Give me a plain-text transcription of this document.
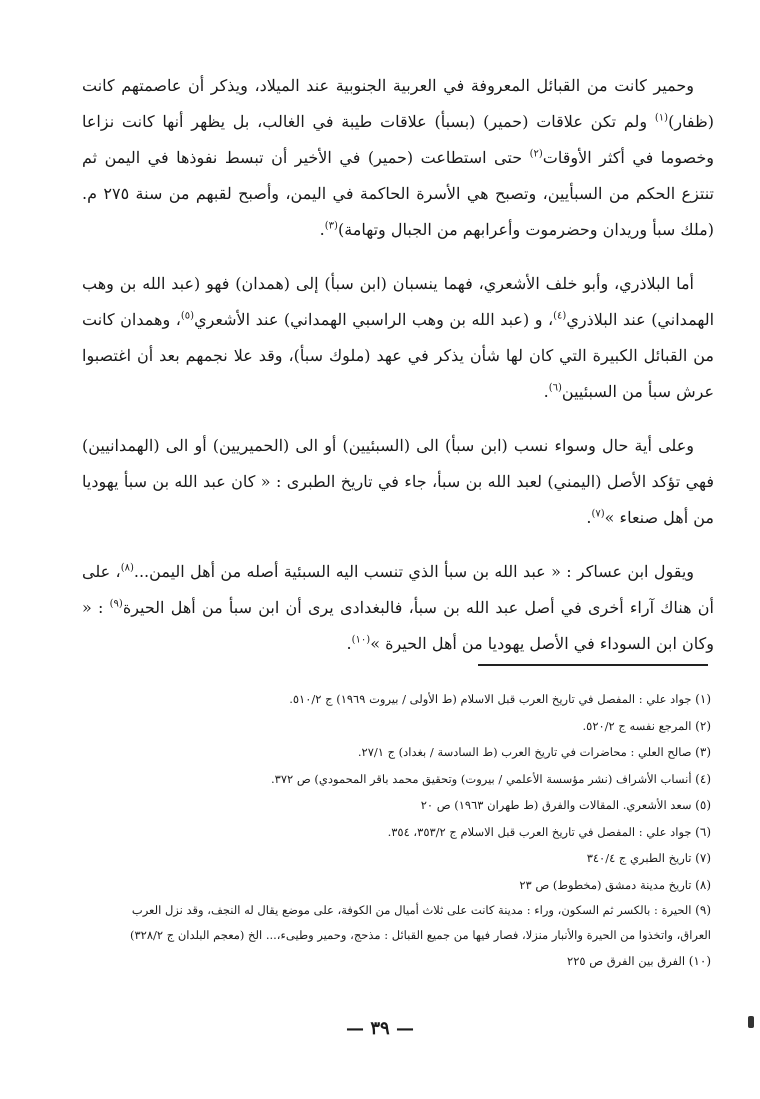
وحمير كانت من القبائل المعروفة في العربية الجنوبية عند الميلاد، ويذكر أن عاصمتهم كانت (ظفار)$^{(١)}$ ولم تكن علاقات (حمير) (بسبأ) علاقات طيبة في الغالب، بل يظهر أنها كانت نزاعا وخصوما في أكثر الأوقات$^{(٢)}$ حتى استطاعت (حمير) في الأخير أن تبسط نفوذها في اليمن ثم تنتزع الحكم من السبأيين، وتصبح هي الأسرة الحاكمة في اليمن، وأصبح لقبهم من سنة ٢٧٥ م. (ملك سبأ وريدان وحضرموت وأعرابهم من الجبال وتهامة)$^{(٣)}$.

أما البلاذري، وأبو خلف الأشعري، فهما ينسبان (ابن سبأ) إلى (همدان) فهو (عبد الله بن وهب الهمداني) عند البلاذري$^{(٤)}$، و (عبد الله بن وهب الراسبي الهمداني) عند الأشعري$^{(٥)}$، وهمدان كانت من القبائل الكبيرة التي كان لها شأن يذكر في عهد (ملوك سبأ)، وقد علا نجمهم بعد أن اغتصبوا عرش سبأ من السبئيين$^{(٦)}$.

وعلى أية حال وسواء نسب (ابن سبأ) الى (السبئيين) أو الى (الحميريين) أو الى (الهمدانيين) فهي تؤكد الأصل (اليمني) لعبد الله بن سبأ، جاء في تاريخ الطبرى : « كان عبد الله بن سبأ يهوديا من أهل صنعاء »$^{(٧)}$.

ويقول ابن عساكر : « عبد الله بن سبأ الذي تنسب اليه السبئية أصله من أهل اليمن...$^{(٨)}$، على أن هناك آراء أخرى في أصل عبد الله بن سبأ، فالبغدادى يرى أن ابن سبأ من أهل الحيرة$^{(٩)}$ : « وكان ابن السوداء في الأصل يهوديا من أهل الحيرة »$^{(١٠)}$.

(١) جواد علي : المفصل في تاريخ العرب قبل الاسلام (ط الأولى / بيروت ١٩٦٩) ج ٥١٠/٢.
(٢) المرجع نفسه ج ٥٢٠/٢.
(٣) صالح العلي : محاضرات في تاريخ العرب (ط السادسة / بغداد) ج ٢٧/١.
(٤) أنساب الأشراف (نشر مؤسسة الأعلمي / بيروت) وتحقيق محمد باقر المحمودي) ص ٣٧٢.
(٥) سعد الأشعري. المقالات والفرق (ط طهران ١٩٦٣) ص ٢٠
(٦) جواد علي : المفصل في تاريخ العرب قبل الاسلام ج ٣٥٣/٢، ٣٥٤.
(٧) تاريخ الطبري ج ٣٤٠/٤
(٨) تاريخ مدينة دمشق (مخطوط) ص ٢٣
(٩) الحيرة : بالكسر ثم السكون، وراء : مدينة كانت على ثلاث أميال من الكوفة، على موضع يقال له النجف، وقد نزل العرب العراق، واتخذوا من الحيرة والأنبار منزلا، فصار فيها من جميع القبائل : مذحج، وحمير وطيىء،... الخ (معجم البلدان ج ٣٢٨/٢)
(١٠) الفرق بين الفرق ص ٢٢٥
— ٣٩ —
